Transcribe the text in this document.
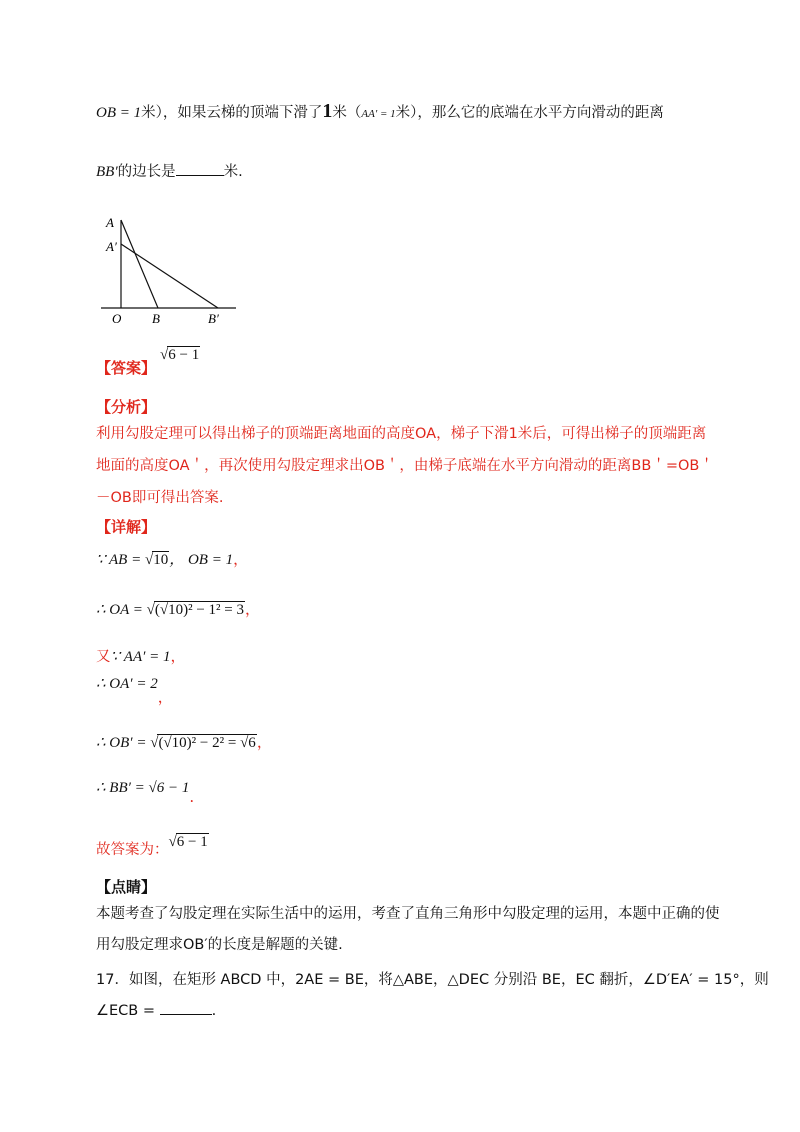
OB = 1米），如果云梯的顶端下滑了1米（AA′ = 1米），那么它的底端在水平方向滑动的距离
BB′的边长是	米.
A
A′
O B	B′
【答案】
√6 − 1
【分析】
利用勾股定理可以得出梯子的顶端距离地面的高度OA，梯子下滑1米后，可得出梯子的顶端距离
地面的高度OA＇，再次使用勾股定理求出OB＇，由梯子底端在水平方向滑动的距离BB＇=OB＇
－OB即可得出答案.
【详解】
∵ AB = √10， OB = 1，
∴ OA = √(√10)² − 1² = 3，
又∵ AA′ = 1，
∴ OA′ = 2，
∴ OB′ = √(√10)² − 2² = √6，
∴ BB′ = √6 − 1.
故答案为：√6 − 1
【点睛】
本题考查了勾股定理在实际生活中的运用，考查了直角三角形中勾股定理的运用，本题中正确的使
用勾股定理求OB′的长度是解题的关键.
17．如图，在矩形 ABCD 中，2AE = BE，将△ABE，△DEC 分别沿 BE，EC 翻折，∠D′EA′ = 15°，则
∠ECB =	.
